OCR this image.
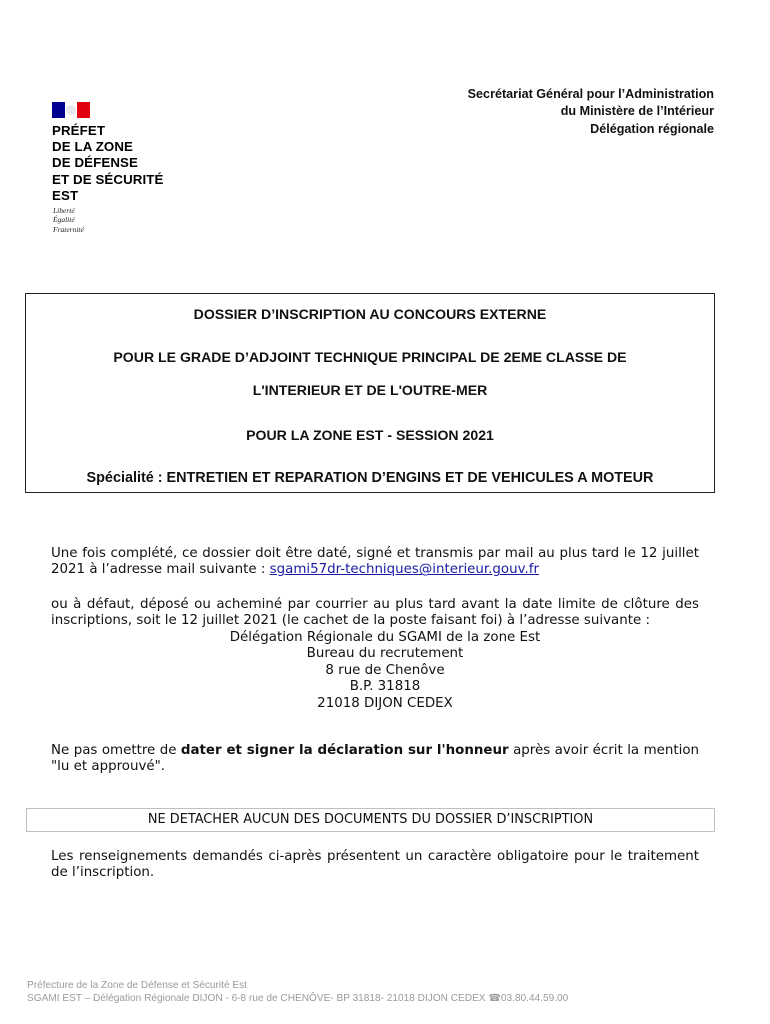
PRÉFET
DE LA ZONE
DE DÉFENSE
ET DE SÉCURITÉ
EST
Liberté
Égalité
Fraternité
Secrétariat Général pour l’Administration
du Ministère de l’Intérieur
Délégation régionale
DOSSIER D’INSCRIPTION AU CONCOURS EXTERNE
POUR LE GRADE D’ADJOINT TECHNIQUE PRINCIPAL DE 2EME CLASSE DE
L'INTERIEUR ET DE L'OUTRE-MER
POUR LA ZONE EST - SESSION 2021
Spécialité : ENTRETIEN ET REPARATION D’ENGINS ET DE VEHICULES A MOTEUR
Une fois complété, ce dossier doit être daté, signé et transmis par mail au plus tard le 12 juillet 2021 à l’adresse mail suivante : sgami57dr-techniques@interieur.gouv.fr
ou à défaut, déposé ou acheminé par courrier au plus tard avant la date limite de clôture des inscriptions, soit le 12 juillet 2021 (le cachet de la poste faisant foi) à l’adresse suivante :
Délégation Régionale du SGAMI de la zone Est
Bureau du recrutement
8 rue de Chenôve
B.P. 31818
21018 DIJON CEDEX
Ne pas omettre de dater et signer la déclaration sur l'honneur après avoir écrit la mention "lu et approuvé".
NE DETACHER AUCUN DES DOCUMENTS DU DOSSIER D’INSCRIPTION
Les renseignements demandés ci-après présentent un caractère obligatoire pour le traitement de l’inscription.
Préfecture de la Zone de Défense et Sécurité Est
SGAMI EST – Délégation Régionale DIJON - 6-8 rue de CHENÔVE- BP 31818- 21018 DIJON CEDEX ☎03.80.44.59.00
